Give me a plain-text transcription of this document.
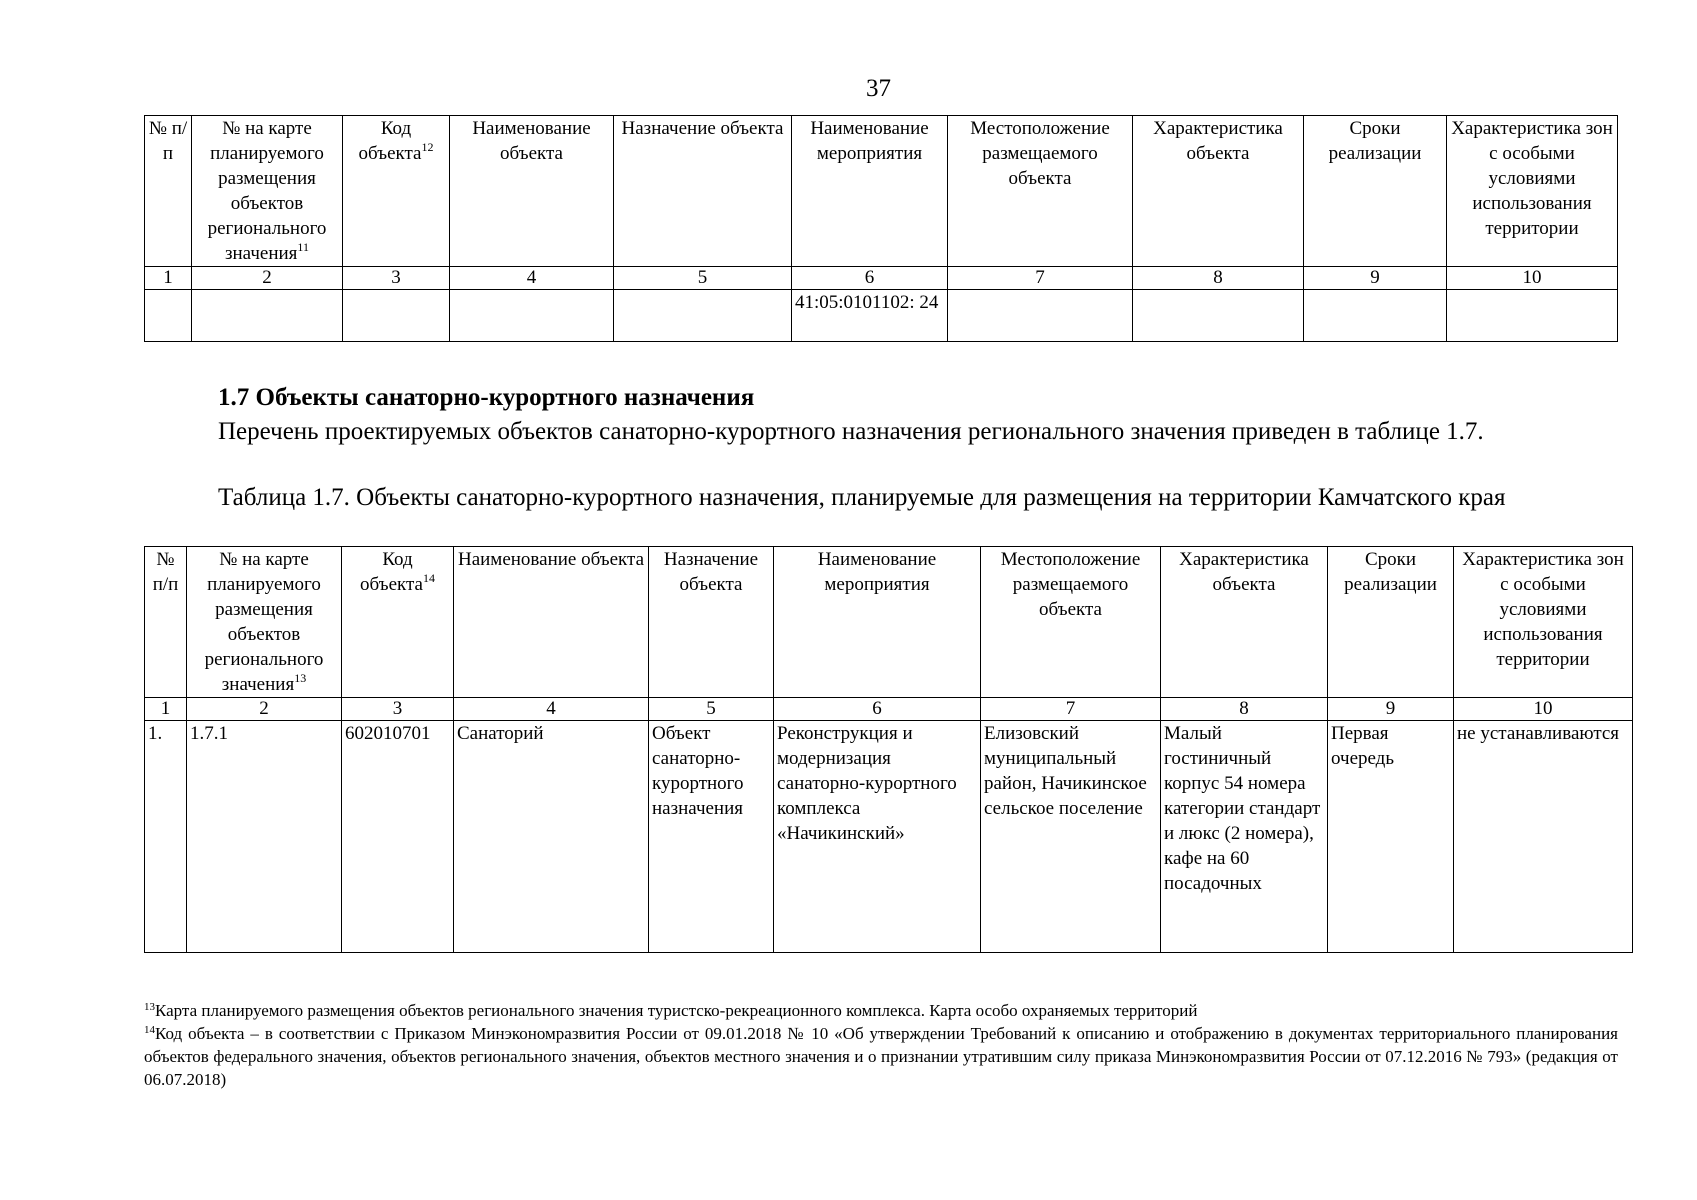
37
№ п/п	№ на карте планируемого размещения объектов регионального значения$^{11}$	Код объекта$^{12}$	Наименование объекта	Назначение объекта	Наименование мероприятия	Местоположение размещаемого объекта	Характеристика объекта	Сроки реализации	Характеристика зон с особыми условиями использования территории
1	2	3	4	5	6	7	8	9	10
					41:05:0101102: 24				
1.7 Объекты санаторно-курортного назначения
Перечень проектируемых объектов санаторно-курортного назначения регионального значения приведен в таблице 1.7.
Таблица 1.7. Объекты санаторно-курортного назначения, планируемые для размещения на территории Камчатского края
№ п/п	№ на карте планируемого размещения объектов регионального значения$^{13}$	Код объекта$^{14}$	Наименование объекта	Назначение объекта	Наименование мероприятия	Местоположение размещаемого объекта	Характеристика объекта	Сроки реализации	Характеристика зон с особыми условиями использования территории
1	2	3	4	5	6	7	8	9	10
1.	1.7.1	602010701	Санаторий	Объект санаторно-курортного назначения	Реконструкция и модернизация санаторно-курортного комплекса «Начикинский»	Елизовский муниципальный район, Начикинское сельское поселение	Малый гостиничный корпус 54 номера категории стандарт и люкс (2 номера), кафе на 60 посадочных	Первая очередь	не устанавливаются

$^{13}$Карта планируемого размещения объектов регионального значения туристско-рекреационного комплекса. Карта особо охраняемых территорий

$^{14}$Код объекта – в соответствии с Приказом Минэкономразвития России от 09.01.2018 № 10 «Об утверждении Требований к описанию и отображению в документах территориального планирования объектов федерального значения, объектов регионального значения, объектов местного значения и о признании утратившим силу приказа Минэкономразвития России от 07.12.2016 № 793» (редакция от 06.07.2018)
